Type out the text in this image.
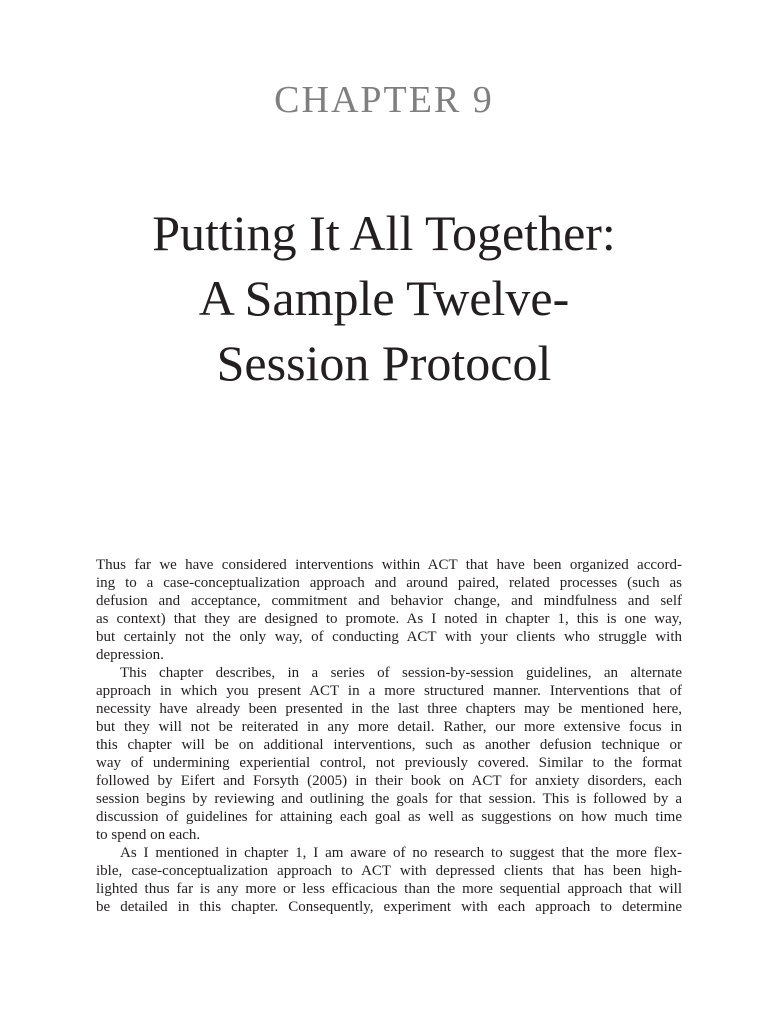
CHAPTER 9
Putting It All Together:
A Sample Twelve-
Session Protocol
Thus far we have considered interventions within ACT that have been organized accord-
ing to a case-conceptualization approach and around paired, related processes (such as
defusion and acceptance, commitment and behavior change, and mindfulness and self
as context) that they are designed to promote. As I noted in chapter 1, this is one way,
but certainly not the only way, of conducting ACT with your clients who struggle with
depression.
This chapter describes, in a series of session-by-session guidelines, an alternate
approach in which you present ACT in a more structured manner. Interventions that of
necessity have already been presented in the last three chapters may be mentioned here,
but they will not be reiterated in any more detail. Rather, our more extensive focus in
this chapter will be on additional interventions, such as another defusion technique or
way of undermining experiential control, not previously covered. Similar to the format
followed by Eifert and Forsyth (2005) in their book on ACT for anxiety disorders, each
session begins by reviewing and outlining the goals for that session. This is followed by a
discussion of guidelines for attaining each goal as well as suggestions on how much time
to spend on each.
As I mentioned in chapter 1, I am aware of no research to suggest that the more flex-
ible, case-conceptualization approach to ACT with depressed clients that has been high-
lighted thus far is any more or less efficacious than the more sequential approach that will
be detailed in this chapter. Consequently, experiment with each approach to determine
